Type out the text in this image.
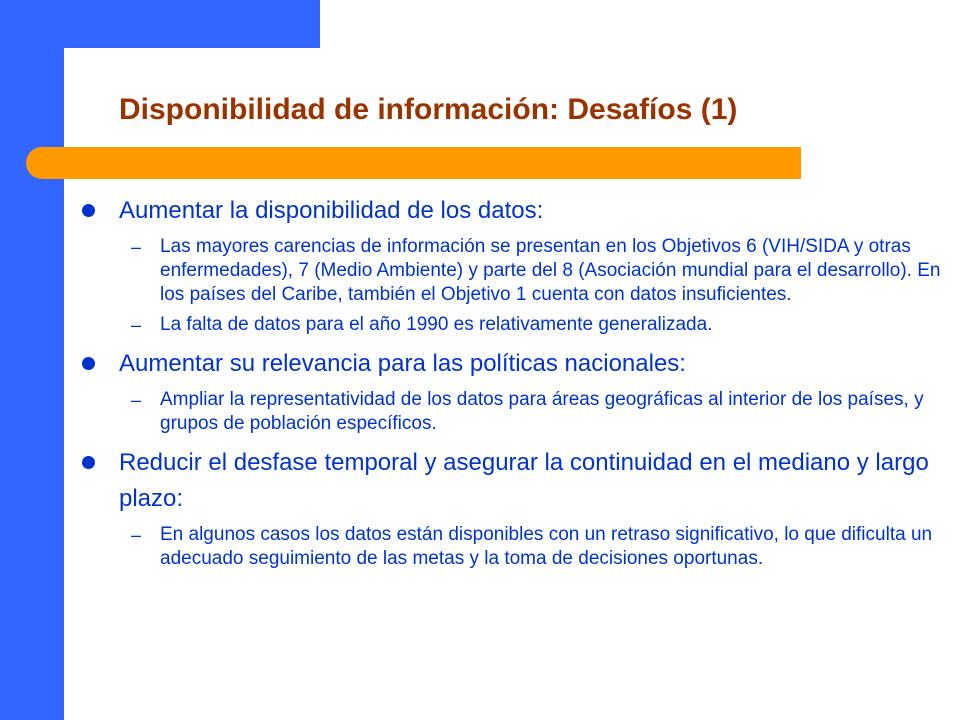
Disponibilidad de información: Desafíos (1)
Aumentar la disponibilidad de los datos:
– Las mayores carencias de información se presentan en los Objetivos 6 (VIH/SIDA y otras enfermedades), 7 (Medio Ambiente) y parte del 8 (Asociación mundial para el desarrollo). En los países del Caribe, también el Objetivo 1 cuenta con datos insuficientes.
– La falta de datos para el año 1990 es relativamente generalizada.
Aumentar su relevancia para las políticas nacionales:
– Ampliar la representatividad de los datos para áreas geográficas al interior de los países, y grupos de población específicos.
Reducir el desfase temporal y asegurar la continuidad en el mediano y largo plazo:
– En algunos casos los datos están disponibles con un retraso significativo, lo que dificulta un adecuado seguimiento de las metas y la toma de decisiones oportunas.
